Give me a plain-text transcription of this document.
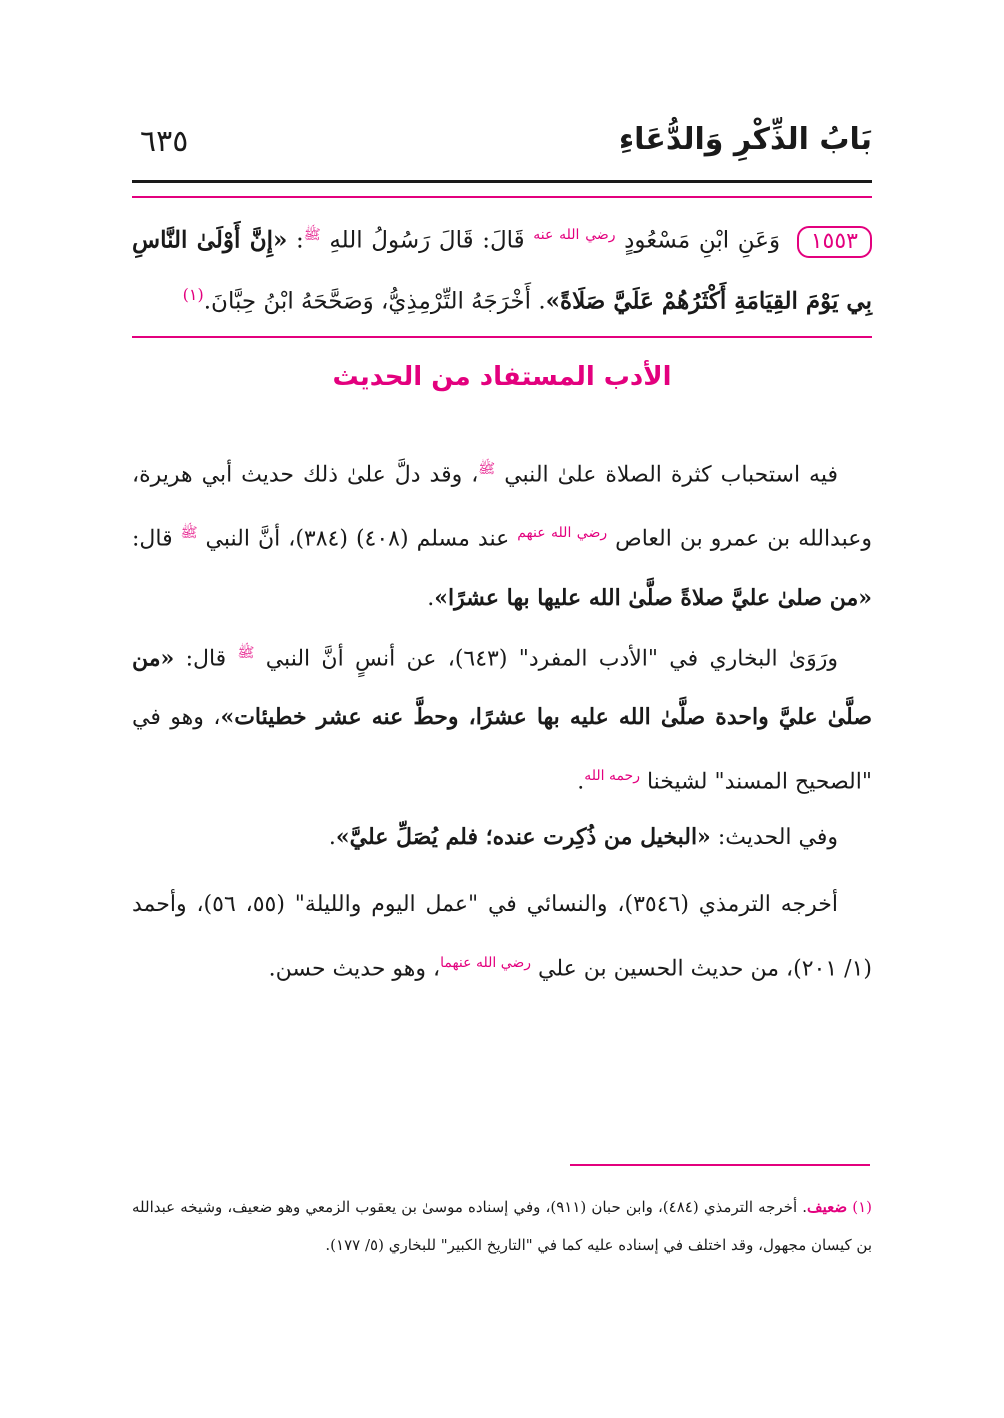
بَابُ الذِّكْرِ وَالدُّعَاءِ
٦٣٥
١٥٥٣ وَعَنِ ابْنِ مَسْعُودٍ $^{رضي الله عنه}$ قَالَ: قَالَ رَسُولُ اللهِ $^ﷺ$: «إِنَّ أَوْلَىٰ النَّاسِ بِي يَوْمَ القِيَامَةِ أَكْثَرُهُمْ عَلَيَّ صَلَاةً». أَخْرَجَهُ التِّرْمِذِيُّ، وَصَحَّحَهُ ابْنُ حِبَّانَ.$^{(١)}$
الأدب المستفاد من الحديث
فيه استحباب كثرة الصلاة علىٰ النبي $^ﷺ$، وقد دلَّ علىٰ ذلك حديث أبي هريرة، وعبدالله بن عمرو بن العاص $^{رضي الله عنهم}$ عند مسلم (٤٠٨) (٣٨٤)، أنَّ النبي $^ﷺ$ قال: «من صلىٰ عليَّ صلاةً صلَّىٰ الله عليها بها عشرًا».
ورَوَىٰ البخاري في "الأدب المفرد" (٦٤٣)، عن أنسٍ أنَّ النبي $^ﷺ$ قال: «من صلَّىٰ عليَّ واحدة صلَّىٰ الله عليه بها عشرًا، وحطَّ عنه عشر خطيئات»، وهو في "الصحيح المسند" لشيخنا $^{رحمه الله}$.
وفي الحديث: «البخيل من ذُكِرت عنده؛ فلم يُصَلِّ عليَّ».
أخرجه الترمذي (٣٥٤٦)، والنسائي في "عمل اليوم والليلة" (٥٥، ٥٦)، وأحمد (١/ ٢٠١)، من حديث الحسين بن علي $^{رضي الله عنهما}$، وهو حديث حسن.
(١) ضعيف. أخرجه الترمذي (٤٨٤)، وابن حبان (٩١١)، وفي إسناده موسىٰ بن يعقوب الزمعي وهو ضعيف، وشيخه عبدالله بن كيسان مجهول، وقد اختلف في إسناده عليه كما في "التاريخ الكبير" للبخاري (٥/ ١٧٧).
